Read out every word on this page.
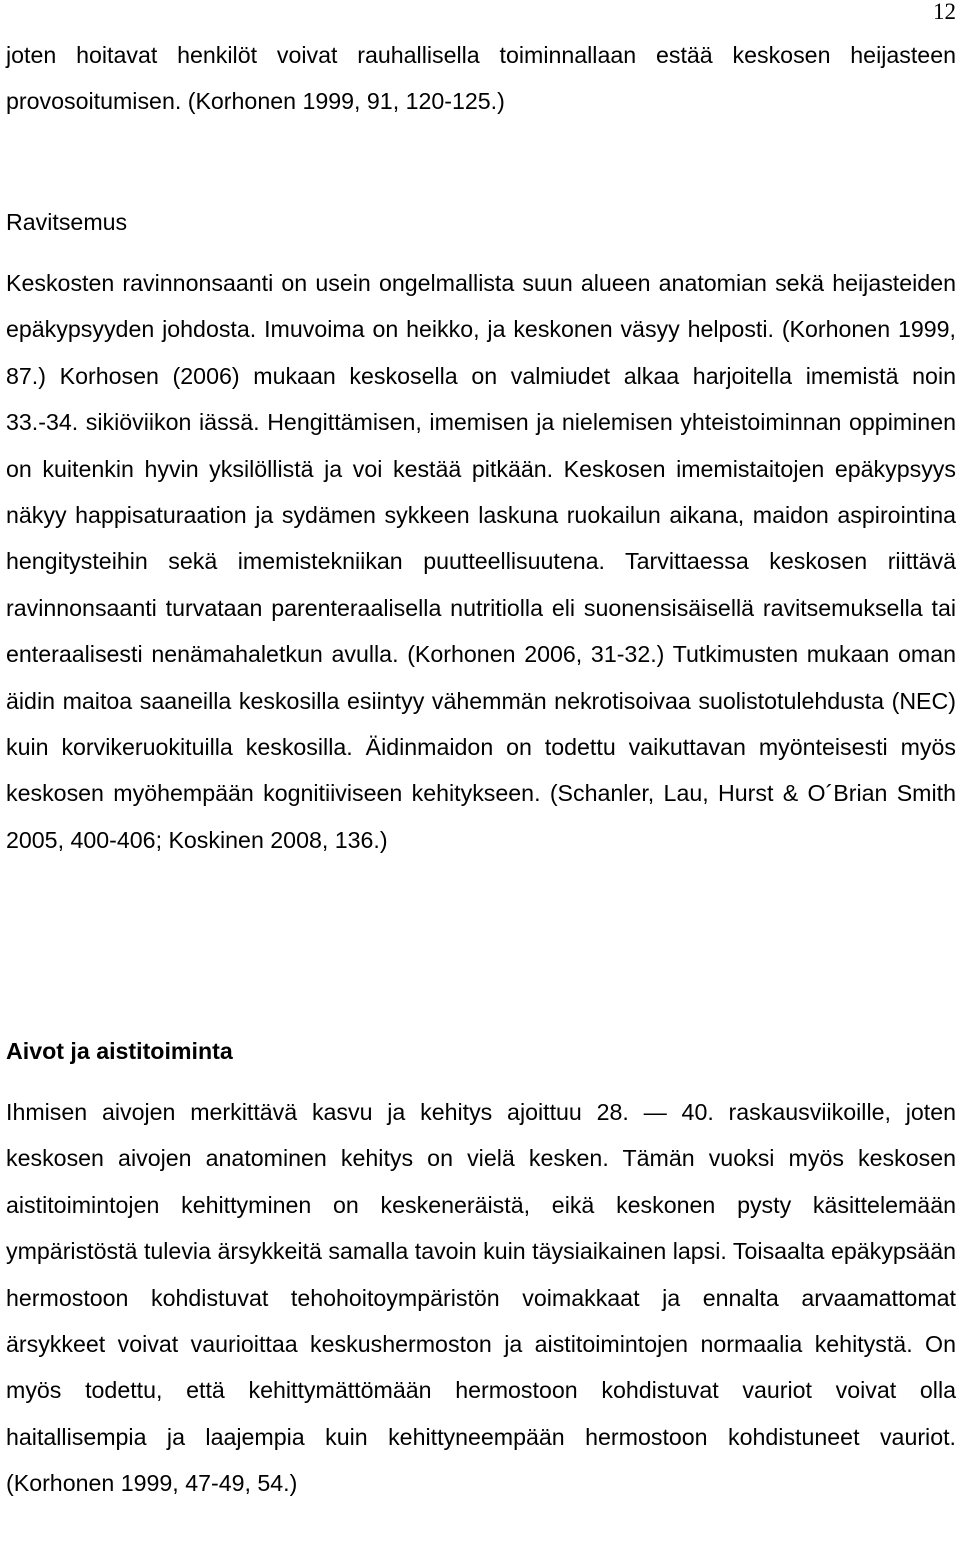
12

joten hoitavat henkilöt voivat rauhallisella toiminnallaan estää keskosen heijasteen provosoitumisen. (Korhonen 1999, 91, 120-125.)

Ravitsemus

Keskosten ravinnonsaanti on usein ongelmallista suun alueen anatomian sekä heijasteiden epäkypsyyden johdosta. Imuvoima on heikko, ja keskonen väsyy helposti. (Korhonen 1999, 87.) Korhosen (2006) mukaan keskosella on valmiudet alkaa harjoitella imemistä noin 33.-34. sikiöviikon iässä. Hengittämisen, imemisen ja nielemisen yhteistoiminnan oppiminen on kuitenkin hyvin yksilöllistä ja voi kestää pitkään. Keskosen imemistaitojen epäkypsyys näkyy happisaturaation ja sydämen sykkeen laskuna ruokailun aikana, maidon aspirointina hengitysteihin sekä imemistekniikan puutteellisuutena. Tarvittaessa keskosen riittävä ravinnonsaanti turvataan parenteraalisella nutritiolla eli suonensisäisellä ravitsemuksella tai enteraalisesti nenämahaletkun avulla. (Korhonen 2006, 31-32.) Tutkimusten mukaan oman äidin maitoa saaneilla keskosilla esiintyy vähemmän nekrotisoivaa suolistotulehdusta (NEC) kuin korvikeruokituilla keskosilla. Äidinmaidon on todettu vaikuttavan myönteisesti myös keskosen myöhempään kognitiiviseen kehitykseen. (Schanler, Lau, Hurst & O´Brian Smith 2005, 400-406; Koskinen 2008, 136.)

Aivot ja aistitoiminta

Ihmisen aivojen merkittävä kasvu ja kehitys ajoittuu 28. — 40. raskausviikoille, joten keskosen aivojen anatominen kehitys on vielä kesken. Tämän vuoksi myös keskosen aistitoimintojen kehittyminen on keskeneräistä, eikä keskonen pysty käsittelemään ympäristöstä tulevia ärsykkeitä samalla tavoin kuin täysiaikainen lapsi. Toisaalta epäkypsään hermostoon kohdistuvat tehohoitoympäristön voimakkaat ja ennalta arvaamattomat ärsykkeet voivat vaurioittaa keskushermoston ja aistitoimintojen normaalia kehitystä. On myös todettu, että kehittymättömään hermostoon kohdistuvat vauriot voivat olla haitallisempia ja laajempia kuin kehittyneempään hermostoon kohdistuneet vauriot. (Korhonen 1999, 47-49, 54.)
